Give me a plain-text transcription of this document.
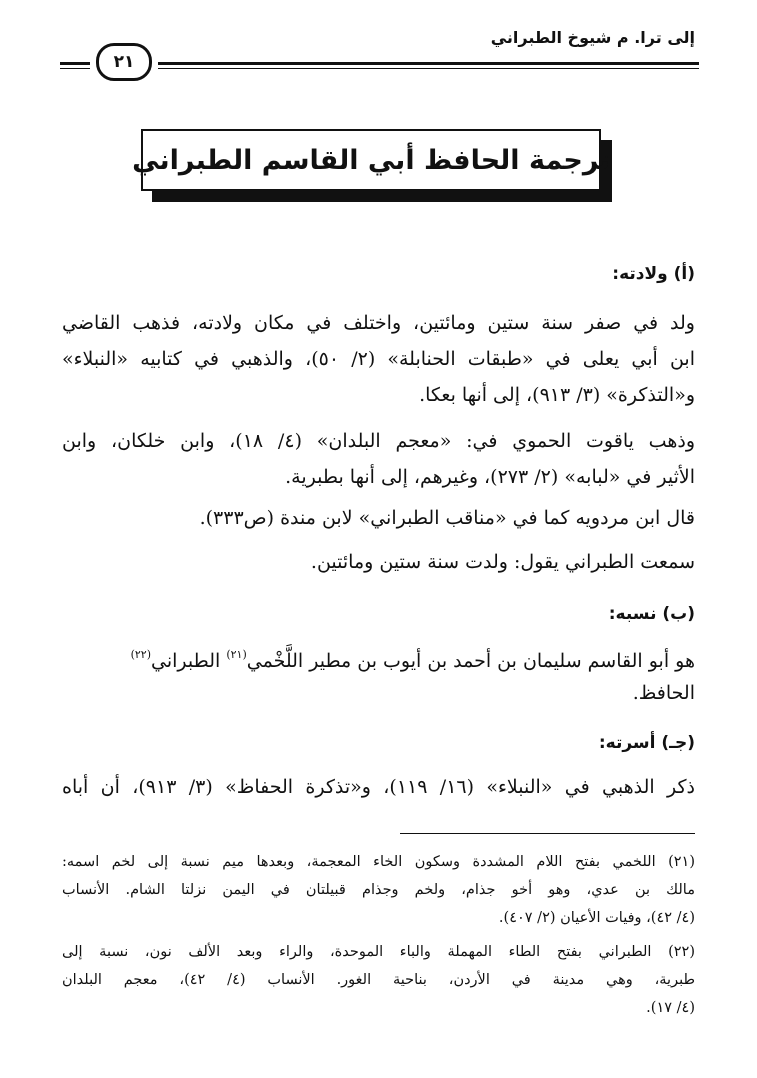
إلى ترا. م شيوخ الطبراني
٢١
ترجمة الحافظ أبي القاسم الطبراني
(أ) ولادته:
ولد في صفر سنة ستين ومائتين، واختلف في مكان ولادته، فذهب القاضي
ابن أبي يعلى في «طبقات الحنابلة» (٢/ ٥٠)، والذهبي في كتابيه «النبلاء»
و«التذكرة» (٣/ ٩١٣)، إلى أنها بعكا.
وذهب ياقوت الحموي في: «معجم البلدان» (٤/ ١٨)، وابن خلكان، وابن
الأثير في «لبابه» (٢/ ٢٧٣)، وغيرهم، إلى أنها بطبرية.
قال ابن مردويه كما في «مناقب الطبراني» لابن مندة (ص٣٣٣).
سمعت الطبراني يقول: ولدت سنة ستين ومائتين.
(ب) نسبه:
هو أبو القاسم سليمان بن أحمد بن أيوب بن مطير اللَّخْمي$^{(٢١)}$ الطبراني$^{(٢٢)}$
الحافظ.
(جـ) أسرته:
ذكر الذهبي في «النبلاء» (١٦/ ١١٩)، و«تذكرة الحفاظ» (٣/ ٩١٣)، أن أباه
(٢١) اللخمي بفتح اللام المشددة وسكون الخاء المعجمة، وبعدها ميم نسبة إلى لخم اسمه:
مالك بن عدي، وهو أخو جذام، ولخم وجذام قبيلتان في اليمن نزلتا الشام. الأنساب
(٤/ ٤٢)، وفيات الأعيان (٢/ ٤٠٧).
(٢٢) الطبراني بفتح الطاء المهملة والباء الموحدة، والراء وبعد الألف نون، نسبة إلى
طبرية، وهي مدينة في الأردن، بناحية الغور. الأنساب (٤/ ٤٢)، معجم البلدان
(٤/ ١٧).
